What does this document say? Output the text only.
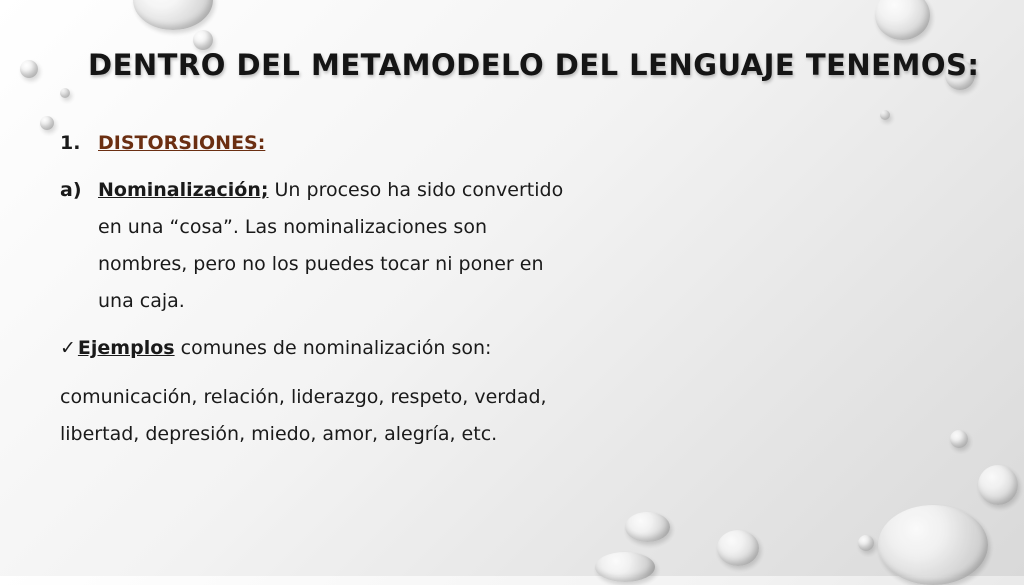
DENTRO DEL METAMODELO DEL LENGUAJE TENEMOS:
1. DISTORSIONES:
a) Nominalización; Un proceso ha sido convertido en una “cosa”. Las nominalizaciones son nombres, pero no los puedes tocar ni poner en una caja.
✓ Ejemplos comunes de nominalización son:
comunicación, relación, liderazgo, respeto, verdad, libertad, depresión, miedo, amor, alegría, etc.
